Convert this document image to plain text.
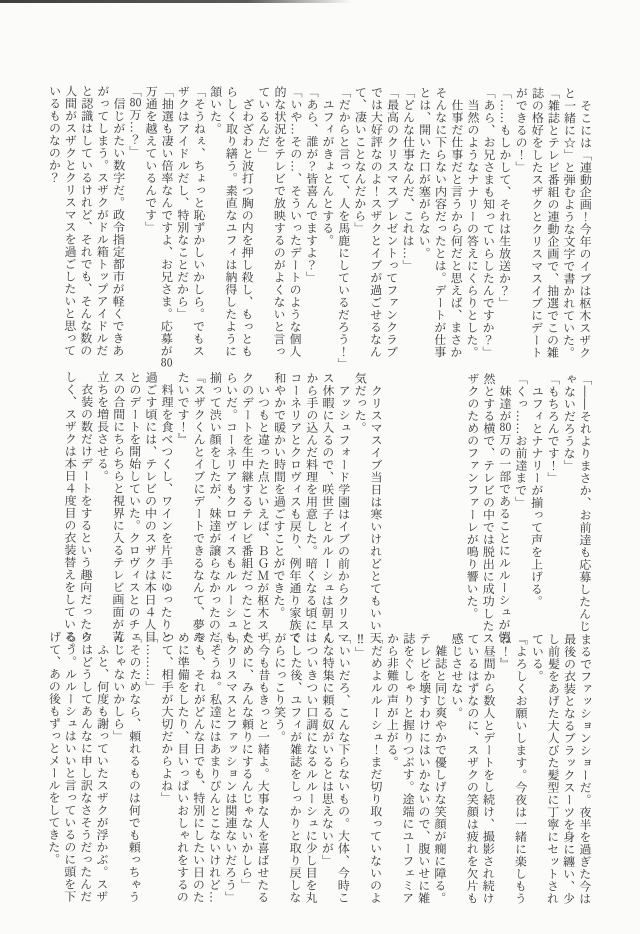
　そこには「連動企画！今年のイブは枢木スザク
と一緒に☆」と弾むような文字で書かれていた。
「雑誌とテレビ番組の連動企画で、抽選でこの雑
誌の格好をしたスザクとクリスマスイブにデート
ができるの！」
「……もしかして、それは生放送か？」
「あら、お兄さまも知っていらしたんですか？」
　当然のようなナナリーの答えにくらりとした。
　仕事だ仕事だと言うから何だと思えば、まさか
そんなに下らない内容だったとは。デートが仕事
とは、開いた口が塞がらない。
「どんな仕事なんだ、これは…」
「最高のクリスマスプレゼントってファンクラブ
では大好評なのよ！スザクとイブが過ごせるなん
て、凄いことなんだから」
「だからと言って、人を馬鹿にしているだろう！」
　ユフィがきょとんとする。
「あら、誰が？皆喜んでますよ？」
「いや…その…、そういったデートのような個人
的な状況をテレビで放映するのがよくないと言っ
ているんだ」
　ざわざわと波打つ胸の内を押し殺し、もっとも
らしく取り繕う。素直なユフィは納得したように
頷いた。
「そうねぇ、ちょっと恥ずかしいかしら。でもス
ザクはアイドルだし、特別なことだから」
「抽選も凄い倍率なんですよ、お兄さま。応募が80
万通を越えているんです」
「80万…？」
　信じがたい数字だ。政令指定都市が軽くできあ
がってしまう。スザクがドル箱トップアイドルだ
と認識はしているけれど、それでも、そんな数の
人間がスザクとクリスマスを過ごしたいと思って
いるものなのか？
「――それよりまさか、お前達も応募したんじ
ゃないだろうな」
「もちろんです！」
　ユフィとナナリーが揃って声を上げる。
「くっ……お前達まで」
　妹達が80万の一部であることにルルーシュが愕
然とする横で、テレビの中では脱出に成功したス
ザクのためのファンファーレが鳴り響いた。
　クリスマスイブ当日は寒いけれどとてもいい天
気だった。
　アッシュフォード学園はイブの前からクリスマ
ス休暇に入るので、咲世子とルルーシュは朝早く
から手の込んだ料理を用意した。暗くなる頃には
コーネリアとクロヴィスも戻り、例年通り家族で
和やかで暖かい時間を過ごすことができた。
　いつもと違った点といえば、ＢＧＭが枢木スザ
クのデートを生中継するテレビ番組だったことぐ
らいだ。コーネリアもクロヴィスもルルーシュも
揃って渋い顔をしたが、妹達が譲らなかったのだ。
『スザクくんとイブにデートできるなんて、夢み
たいです！』
　料理を食べつくし、ワインを片手にゆったりと
過ごす頃には、テレビの中のスザクは本日４人目
とのデートを開始していた。クロヴィスとのチェ
スの合間にちらちらと視界に入るテレビ画面が苛
立ちを増長させる。
　衣装の数だけデートをするという趣向だったら
しく、スザクは本日４度目の衣装替えをしている。
まるでファッションショーだ。夜半を過ぎた今は
最後の衣装となるブラックスーツを身に纏い、少
し前髪をあげた大人びた髪型に丁寧にセットされ
ている。
『よろしくお願いします。今夜は一緒に楽しもう
ね！』
　昼間から数人とデートをし続け、撮影され続け
ているはずなのに、スザクの笑顔は疲れを欠片も
感じさせない。
　雑誌と同じ爽やかで優しげな笑顔が癇に障る。
テレビを壊すわけにはいかないので、腹いせに雑
誌をぐしゃりと握りつぶす。途端にユーフェミア
から非難の声が上がる。
「だめよルルーシュ！まだ切り取っていないのよ
‼」
「いいだろ、こんな下らないもの。大体、今時こ
んな特集に頼る奴がいるとは思えないが」
　ついきつい口調になるルルーシュに少し目を丸
くした後、ユフィが雑誌をしっかりと取り戻しな
がらにっこり笑う。
「今も昔もきっと一緒よ。大事な人を喜ばせたる
ために、みんな頼りにするんじゃないかしら」
「クリスマスとファッションは関連ないだろう」
「そうね。私達にはあまりぴんとこないけれど…
でも、それがどんな日でも、特別にしたい日のた
めに準備をしたり、目いっぱいおしゃれをするの
って、相手が大切だからよね」
「………」
「そのためなら、頼れるものは何でも頼っちゃう
んじゃないかしら」
　ふと、何度も謝っていたスザクが浮かぶ。スザ
クはどうしてあんなに申し訳なさそうだったんだ
ろう。ルルーシュはいいと言っているのに頭を下
げて、あの後もずっとメールをしてきた。
